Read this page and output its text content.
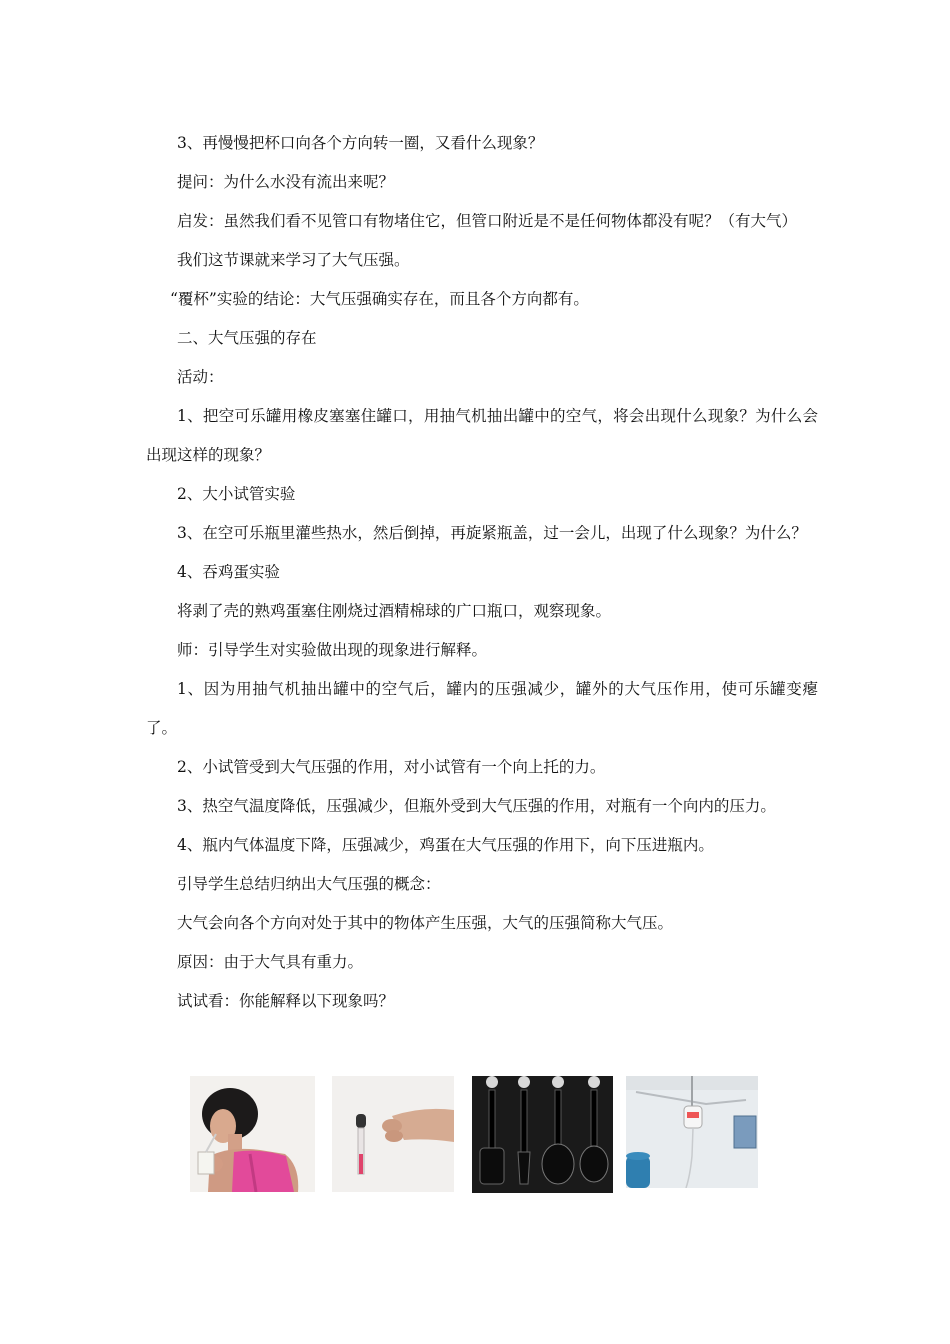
3、再慢慢把杯口向各个方向转一圈，又看什么现象？

提问：为什么水没有流出来呢？

启发：虽然我们看不见管口有物堵住它，但管口附近是不是任何物体都没有呢？（有大气）

我们这节课就来学习了大气压强。

“覆杯”实验的结论：大气压强确实存在，而且各个方向都有。

二、大气压强的存在

活动：

1、把空可乐罐用橡皮塞塞住罐口，用抽气机抽出罐中的空气，将会出现什么现象？为什么会出现这样的现象？

2、大小试管实验

3、在空可乐瓶里灌些热水，然后倒掉，再旋紧瓶盖，过一会儿，出现了什么现象？为什么？

4、吞鸡蛋实验

将剥了壳的熟鸡蛋塞住刚烧过酒精棉球的广口瓶口，观察现象。

师：引导学生对实验做出现的现象进行解释。

1、因为用抽气机抽出罐中的空气后，罐内的压强减少，罐外的大气压作用，使可乐罐变瘪了。

2、小试管受到大气压强的作用，对小试管有一个向上托的力。

3、热空气温度降低，压强减少，但瓶外受到大气压强的作用，对瓶有一个向内的压力。

4、瓶内气体温度下降，压强减少，鸡蛋在大气压强的作用下，向下压进瓶内。

引导学生总结归纳出大气压强的概念：

大气会向各个方向对处于其中的物体产生压强，大气的压强简称大气压。

原因：由于大气具有重力。

试试看：你能解释以下现象吗？
